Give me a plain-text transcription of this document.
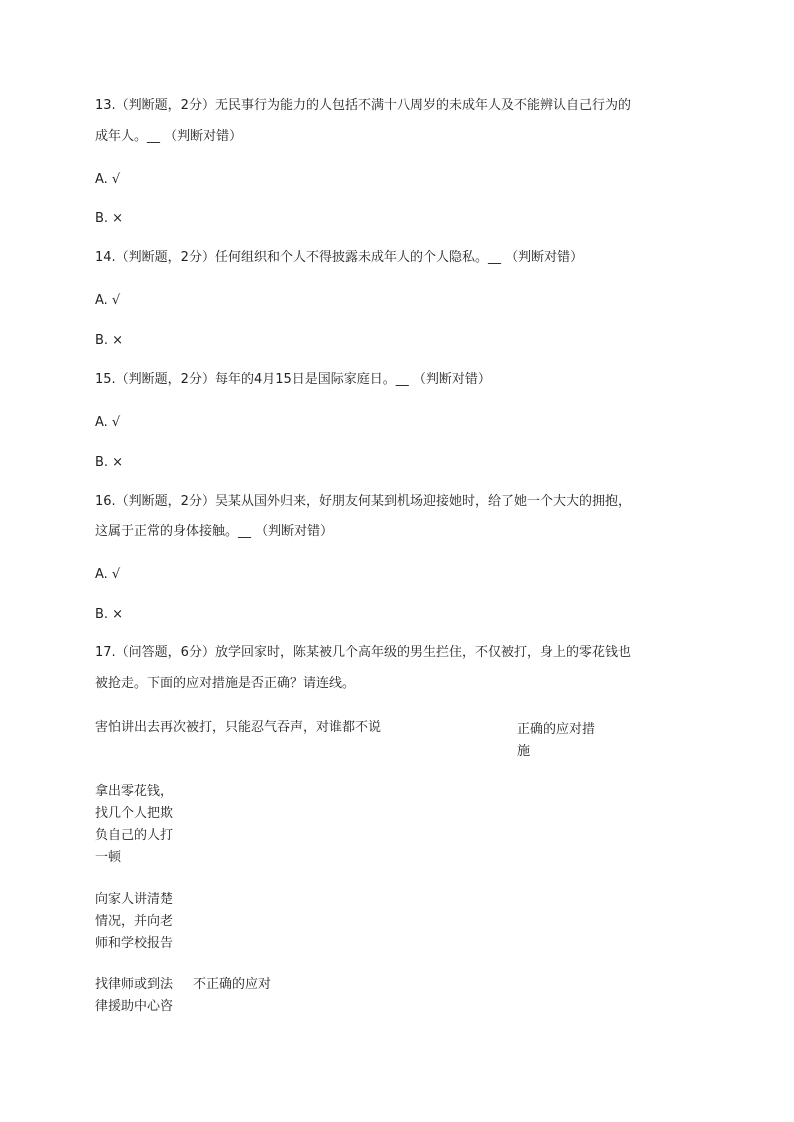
13.（判断题，2分）无民事行为能力的人包括不满十八周岁的未成年人及不能辨认自己行为的
成年人。__ （判断对错）
A. √
B. ×
14.（判断题，2分）任何组织和个人不得披露未成年人的个人隐私。__ （判断对错）
A. √
B. ×
15.（判断题，2分）每年的4月15日是国际家庭日。__ （判断对错）
A. √
B. ×
16.（判断题，2分）吴某从国外归来，好朋友何某到机场迎接她时，给了她一个大大的拥抱，
这属于正常的身体接触。__ （判断对错）
A. √
B. ×
17.（问答题，6分）放学回家时，陈某被几个高年级的男生拦住，不仅被打，身上的零花钱也
被抢走。下面的应对措施是否正确？请连线。
害怕讲出去再次被打，只能忍气吞声，对谁都不说	正确的应对措
施
拿出零花钱，
找几个人把欺
负自己的人打
一顿
向家人讲清楚
情况，并向老
师和学校报告
找律师或到法
律援助中心咨
不正确的应对
